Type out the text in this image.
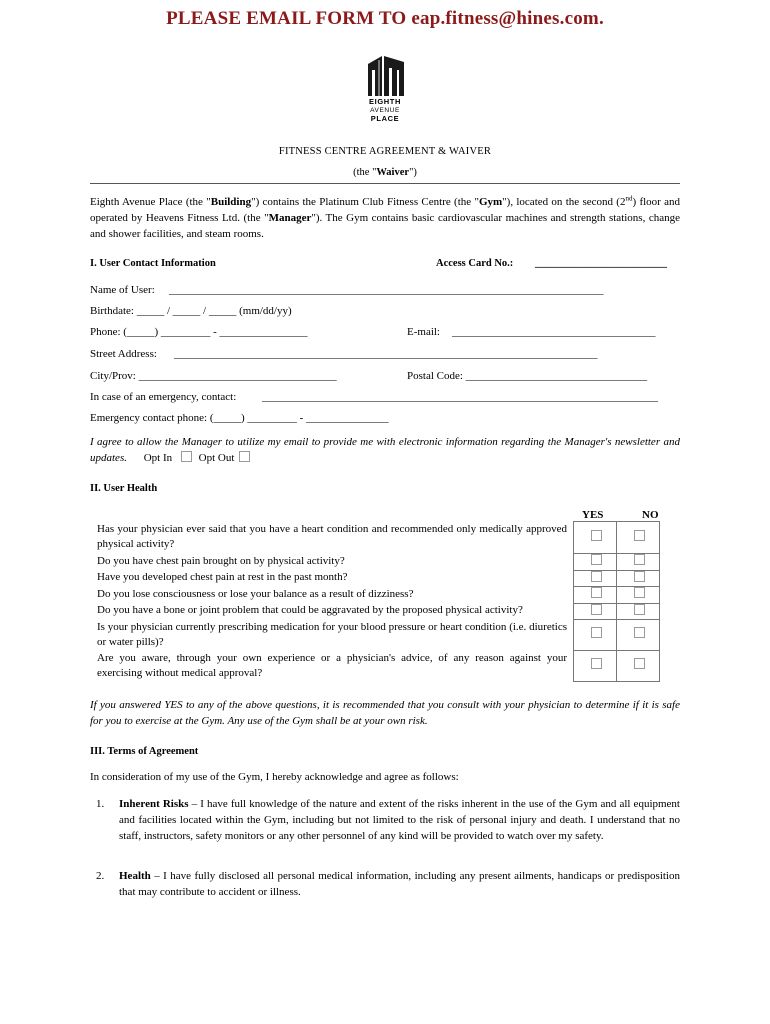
PLEASE EMAIL FORM TO eap.fitness@hines.com.
EIGHTH
AVENUE
PLACE
FITNESS CENTRE AGREEMENT & WAIVER
(the "Waiver")
Eighth Avenue Place (the "Building") contains the Platinum Club Fitness Centre (the "Gym"), located on the second (2nd) floor and operated by Heavens Fitness Ltd. (the "Manager"). The Gym contains basic cardiovascular machines and strength stations, change and shower facilities, and steam rooms.
I. User Contact Information	Access Card No.: ________________________
Name of User: _______________________________________________________________________________
Birthdate: _____ / _____ / _____ (mm/dd/yy)
Phone: (_____) _________ - ________________	E-mail: _____________________________________
Street Address: _____________________________________________________________________________
City/Prov: ____________________________________	Postal Code: _________________________________
In case of an emergency, contact: ________________________________________________________________________
Emergency contact phone: (_____) _________ - _______________
I agree to allow the Manager to utilize my email to provide me with electronic information regarding the Manager's newsletter and updates. Opt In Opt Out
II. User Health
YES	NO
Has your physician ever said that you have a heart condition and recommended only medically approved physical activity?		
Do you have chest pain brought on by physical activity?		
Have you developed chest pain at rest in the past month?		
Do you lose consciousness or lose your balance as a result of dizziness?		
Do you have a bone or joint problem that could be aggravated by the proposed physical activity?		
Is your physician currently prescribing medication for your blood pressure or heart condition (i.e. diuretics or water pills)?		
Are you aware, through your own experience or a physician's advice, of any reason against your exercising without medical approval?		
If you answered YES to any of the above questions, it is recommended that you consult with your physician to determine if it is safe for you to exercise at the Gym. Any use of the Gym shall be at your own risk.
III. Terms of Agreement
In consideration of my use of the Gym, I hereby acknowledge and agree as follows:
1. Inherent Risks – I have full knowledge of the nature and extent of the risks inherent in the use of the Gym and all equipment and facilities located within the Gym, including but not limited to the risk of personal injury and death. I understand that no staff, instructors, safety monitors or any other personnel of any kind will be provided to watch over my safety.
2. Health – I have fully disclosed all personal medical information, including any present ailments, handicaps or predisposition that may contribute to accident or illness.
